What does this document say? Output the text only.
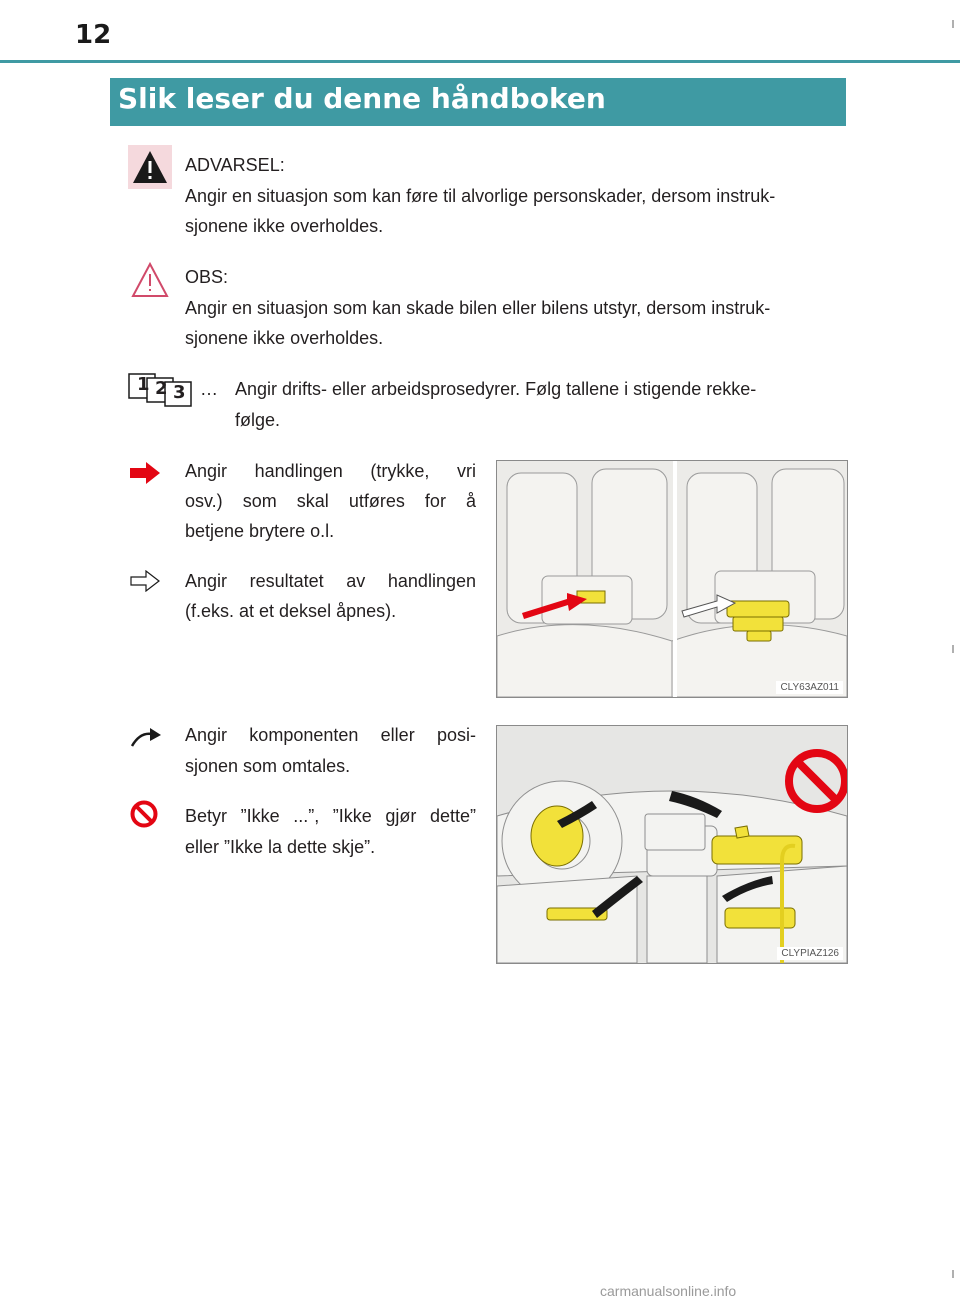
12
Slik leser du denne håndboken
ADVARSEL:
Angir en situasjon som kan føre til alvorlige personskader, dersom instruk-
sjonene ikke overholdes.
OBS:
Angir en situasjon som kan skade bilen eller bilens utstyr, dersom instruk-
sjonene ikke overholdes.
1 2 3 … Angir drifts- eller arbeidsprosedyrer. Følg tallene i stigende rekke-
følge.
Angir handlingen (trykke, vri
osv.) som skal utføres for å
betjene brytere o.l.
Angir resultatet av handlingen
(f.eks. at et deksel åpnes).
CLY63AZ011
Angir komponenten eller posi-
sjonen som omtales.
Betyr ”Ikke ...”, ”Ikke gjør dette”
eller ”Ikke la dette skje”.
CLYPIAZ126
carmanualsonline.info
